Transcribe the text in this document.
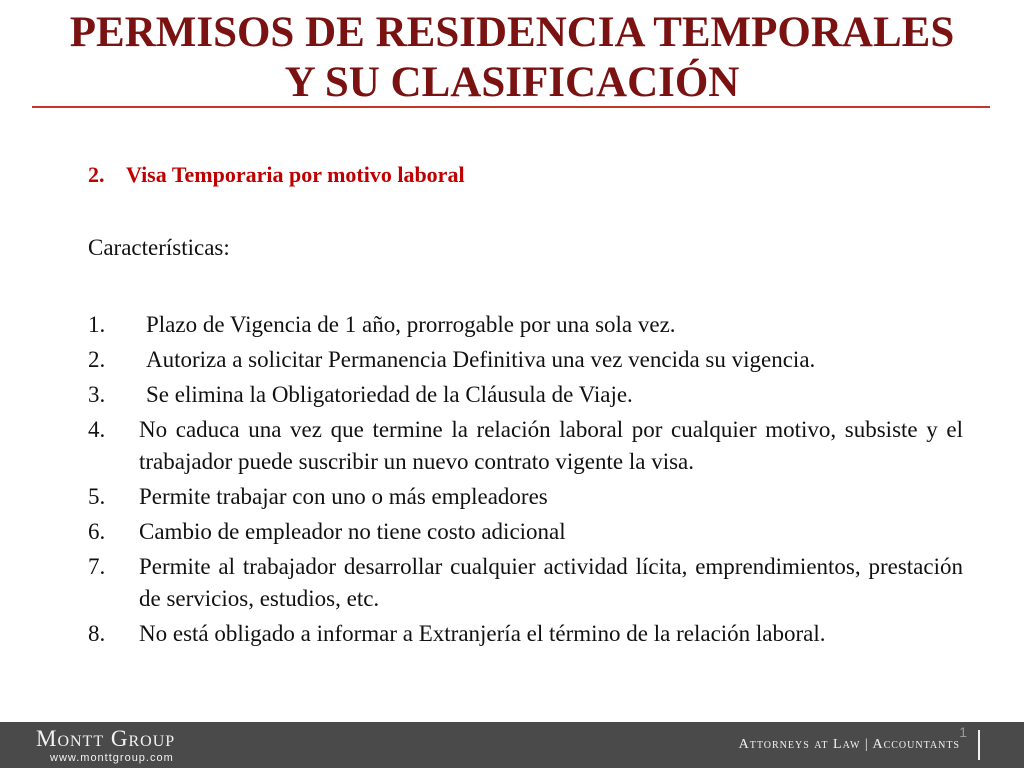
PERMISOS DE RESIDENCIA TEMPORALES
Y SU CLASIFICACIÓN

2. Visa Temporaria por motivo laboral

Características:

1. Plazo de Vigencia de 1 año, prorrogable por una sola vez.
2. Autoriza a solicitar Permanencia Definitiva una vez vencida su vigencia.
3. Se elimina la Obligatoriedad de la Cláusula de Viaje.
4. No caduca una vez que termine la relación laboral por cualquier motivo, subsiste y el trabajador puede suscribir un nuevo contrato vigente la visa.
5. Permite trabajar con uno o más empleadores
6. Cambio de empleador no tiene costo adicional
7. Permite al trabajador desarrollar cualquier actividad lícita, emprendimientos, prestación de servicios, estudios, etc.
8. No está obligado a informar a Extranjería el término de la relación laboral.
Montt Group
www.monttgroup.com
1
Attorneys at Law | Accountants
